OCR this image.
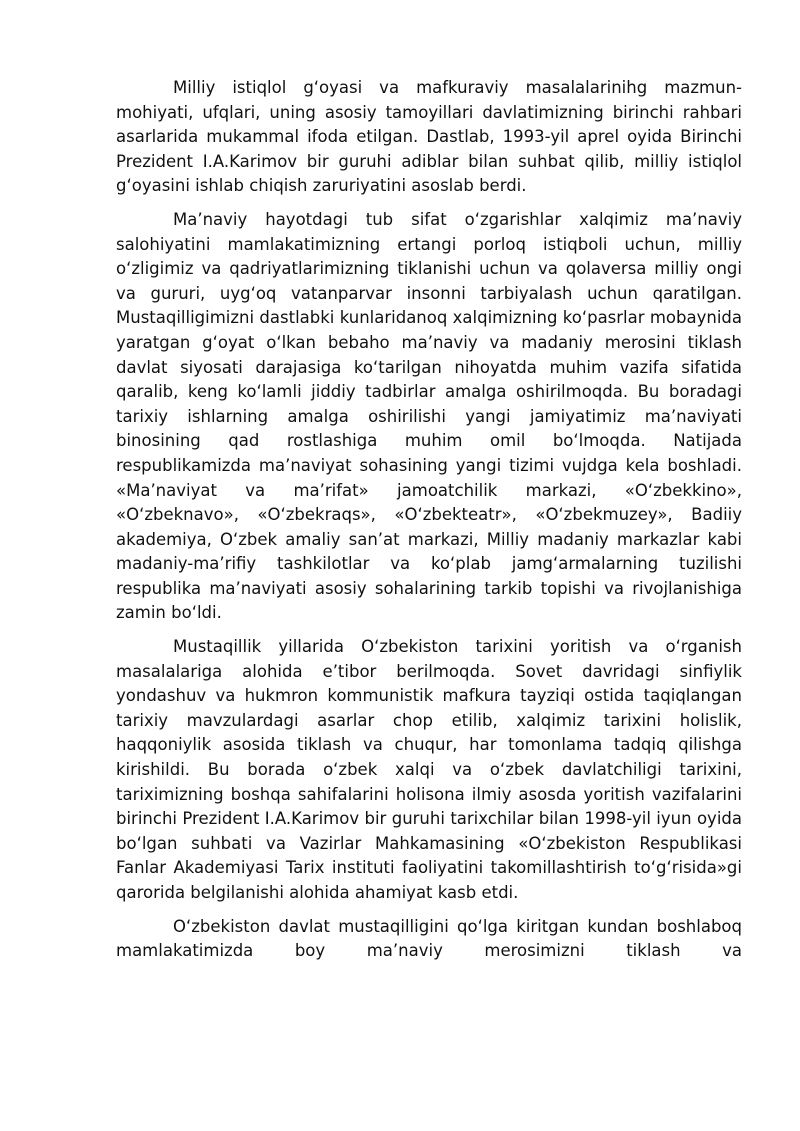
Milliy istiqlol g‘oyasi va mafkuraviy masalalarinihg mazmun-mohiyati, ufqlari, uning asosiy tamoyillari davlatimizning birinchi rahbari asarlarida mukammal ifoda etilgan. Dastlab, 1993-yil aprel oyida Birinchi Prezident I.A.Karimov bir guruhi adiblar bilan suhbat qilib, milliy istiqlol g‘oyasini ishlab chiqish zaruriyatini asoslab berdi.

Ma’naviy hayotdagi tub sifat o‘zgarishlar xalqimiz ma’naviy salohiyatini mamlakatimizning ertangi porloq istiqboli uchun, milliy o‘zligimiz va qadriyatlarimizning tiklanishi uchun va qolaversa milliy ongi va gururi, uyg‘oq vatanparvar insonni tarbiyalash uchun qaratilgan. Mustaqilligimizni dastlabki kunlaridanoq xalqimizning ko‘pasrlar mobaynida yaratgan g‘oyat o‘lkan bebaho ma’naviy va madaniy merosini tiklash davlat siyosati darajasiga ko‘tarilgan nihoyatda muhim vazifa sifatida qaralib, keng ko‘lamli jiddiy tadbirlar amalga oshirilmoqda. Bu boradagi tarixiy ishlarning amalga oshirilishi yangi jamiyatimiz ma’naviyati binosining qad rostlashiga muhim omil bo‘lmoqda. Natijada respublikamizda ma’naviyat sohasining yangi tizimi vujdga kela boshladi. «Ma’naviyat va ma’rifat» jamoatchilik markazi, «O‘zbekkino», «O‘zbeknavo», «O‘zbekraqs», «O‘zbekteatr», «O‘zbekmuzey», Badiiy akademiya, O‘zbek amaliy san’at markazi, Milliy madaniy markazlar kabi madaniy-ma’rifiy tashkilotlar va ko‘plab jamg‘armalarning tuzilishi respublika ma’naviyati asosiy sohalarining tarkib topishi va rivojlanishiga zamin bo‘ldi.

Mustaqillik yillarida O‘zbekiston tarixini yoritish va o‘rganish masalalariga alohida e’tibor berilmoqda. Sovet davridagi sinfiylik yondashuv va hukmron kommunistik mafkura tayziqi ostida taqiqlangan tarixiy mavzulardagi asarlar chop etilib, xalqimiz tarixini holislik, haqqoniylik asosida tiklash va chuqur, har tomonlama tadqiq qilishga kirishildi. Bu borada o‘zbek xalqi va o‘zbek davlatchiligi tarixini, tariximizning boshqa sahifalarini holisona ilmiy asosda yoritish vazifalarini birinchi Prezident I.A.Karimov bir guruhi tarixchilar bilan 1998-yil iyun oyida bo‘lgan suhbati va Vazirlar Mahkamasining «O‘zbekiston Respublikasi Fanlar Akademiyasi Tarix instituti faoliyatini takomillashtirish to‘g‘risida»gi qarorida belgilanishi alohida ahamiyat kasb etdi.

O‘zbekiston davlat mustaqilligini qo‘lga kiritgan kundan boshlaboq mamlakatimizda boy ma’naviy merosimizni tiklash va
